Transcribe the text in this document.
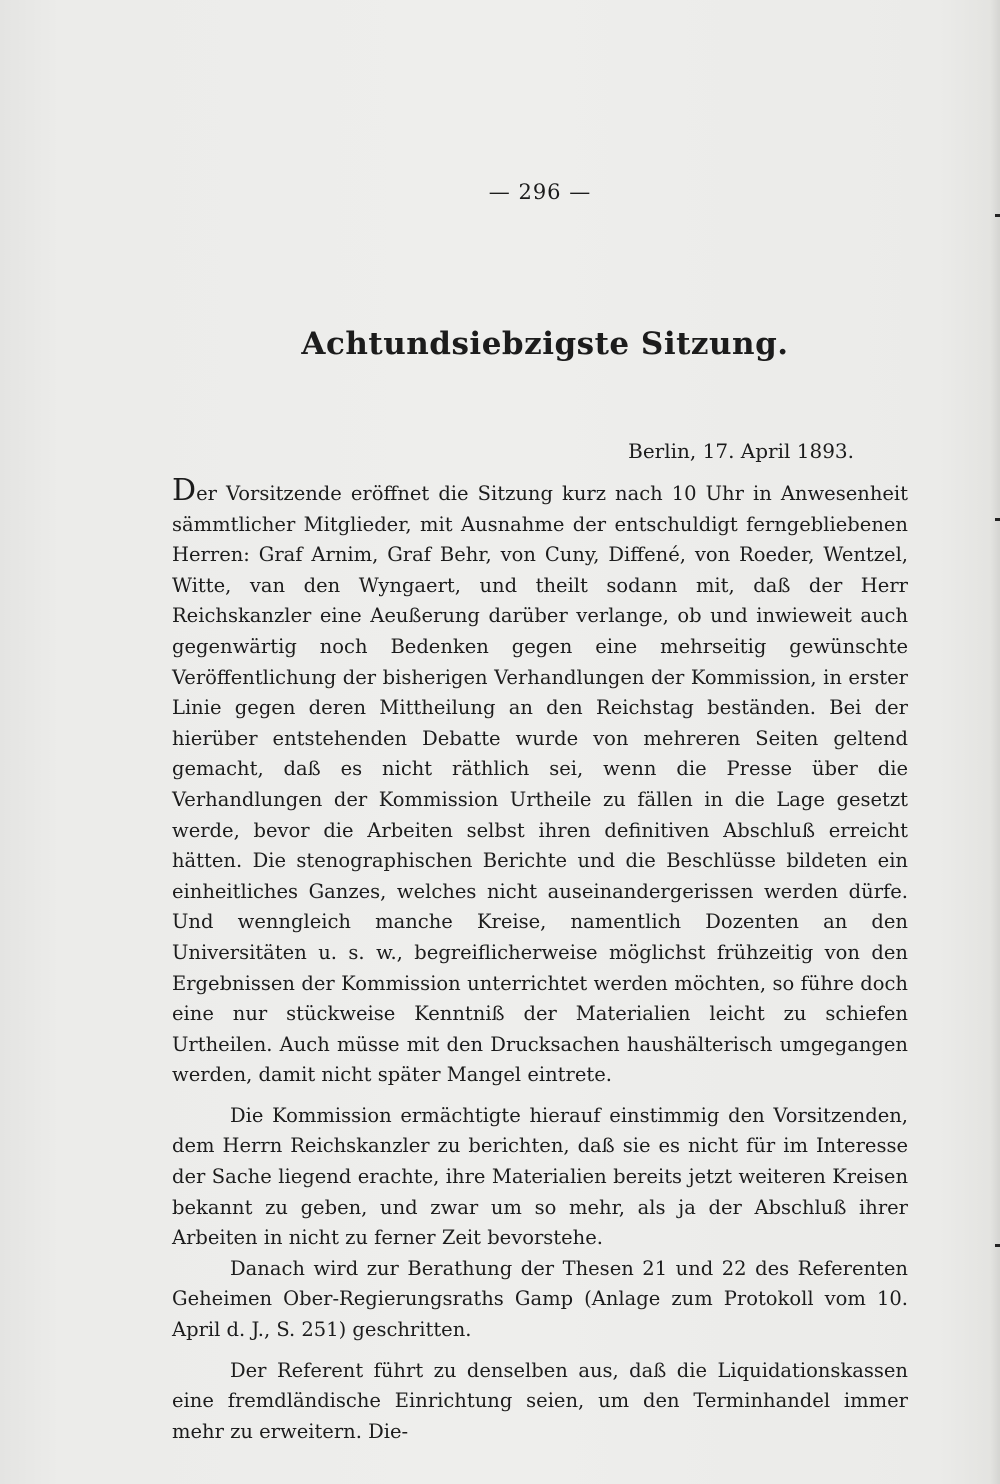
— 296 —
Achtundsiebzigste Sitzung.
Berlin, 17. April 1893.

Der Vorsitzende eröffnet die Sitzung kurz nach 10 Uhr in Anwesenheit sämmtlicher Mitglieder, mit Ausnahme der entschuldigt ferngebliebenen Herren: Graf Arnim, Graf Behr, von Cuny, Diffené, von Roeder, Wentzel, Witte, van den Wyngaert, und theilt sodann mit, daß der Herr Reichskanzler eine Aeußerung darüber verlange, ob und inwieweit auch gegenwärtig noch Bedenken gegen eine mehrseitig gewünschte Veröffentlichung der bisherigen Verhandlungen der Kommission, in erster Linie gegen deren Mittheilung an den Reichstag beständen. Bei der hierüber entstehenden Debatte wurde von mehreren Seiten geltend gemacht, daß es nicht räthlich sei, wenn die Presse über die Verhandlungen der Kommission Urtheile zu fällen in die Lage gesetzt werde, bevor die Arbeiten selbst ihren definitiven Abschluß erreicht hätten. Die stenographischen Berichte und die Beschlüsse bildeten ein einheitliches Ganzes, welches nicht auseinandergerissen werden dürfe. Und wenngleich manche Kreise, namentlich Dozenten an den Universitäten u. s. w., begreiflicherweise möglichst frühzeitig von den Ergebnissen der Kommission unterrichtet werden möchten, so führe doch eine nur stückweise Kenntniß der Materialien leicht zu schiefen Urtheilen. Auch müsse mit den Drucksachen haushälterisch umgegangen werden, damit nicht später Mangel eintrete.

Die Kommission ermächtigte hierauf einstimmig den Vorsitzenden, dem Herrn Reichskanzler zu berichten, daß sie es nicht für im Interesse der Sache liegend erachte, ihre Materialien bereits jetzt weiteren Kreisen bekannt zu geben, und zwar um so mehr, als ja der Abschluß ihrer Arbeiten in nicht zu ferner Zeit bevorstehe.

Danach wird zur Berathung der Thesen 21 und 22 des Referenten Geheimen Ober-Regierungsraths Gamp (Anlage zum Protokoll vom 10. April d. J., S. 251) geschritten.

Der Referent führt zu denselben aus, daß die Liquidationskassen eine fremdländische Einrichtung seien, um den Terminhandel immer mehr zu erweitern. Die-
